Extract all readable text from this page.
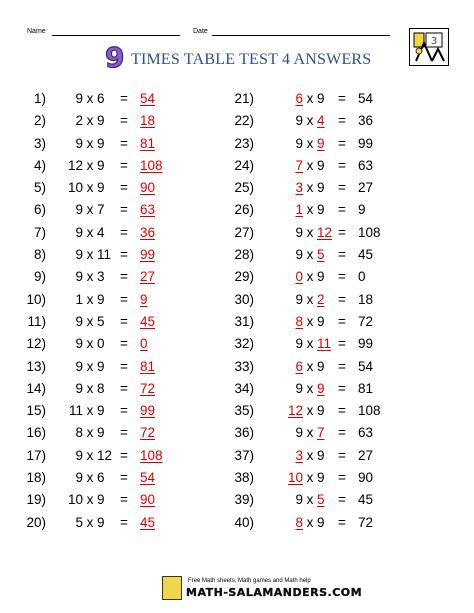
Name	Date
3
9 TIMES TABLE TEST 4 ANSWERS
1)	9 x 6	= 54
2)	2 x 9	= 18
3)	9 x 9	= 81
4)	12 x 9	= 108
5)	10 x 9	= 90
6)	9 x 7	= 63
7)	9 x 4	= 36
8)	9 x 11 = 99
9)	9 x 3	= 27
10)	1 x 9	= 9
11)	9 x 5	= 45
12)	9 x 0	= 0
13)	9 x 9	= 81
14)	9 x 8	= 72
15)	11 x 9	= 99
16)	8 x 9	= 72
17)	9 x 12 = 108
18)	9 x 6	= 54
19)	10 x 9	= 90
20)	5 x 9	= 45
21)	6 x 9	= 54
22)	9 x 4	= 36
23)	9 x 9	= 99
24)	7 x 9	= 63
25)	3 x 9	= 27
26)	1 x 9	= 9
27)	9 x 12 = 108
28)	9 x 5	= 45
29)	0 x 9	= 0
30)	9 x 2	= 18
31)	8 x 9	= 72
32)	9 x 11 = 99
33)	6 x 9	= 54
34)	9 x 9	= 81
35)	12 x 9	= 108
36)	9 x 7	= 63
37)	3 x 9	= 27
38)	10 x 9	= 90
39)	9 x 5	= 45
40)	8 x 9	= 72
Free Math sheets, Math games and Math help
MATH-SALAMANDERS.COM
